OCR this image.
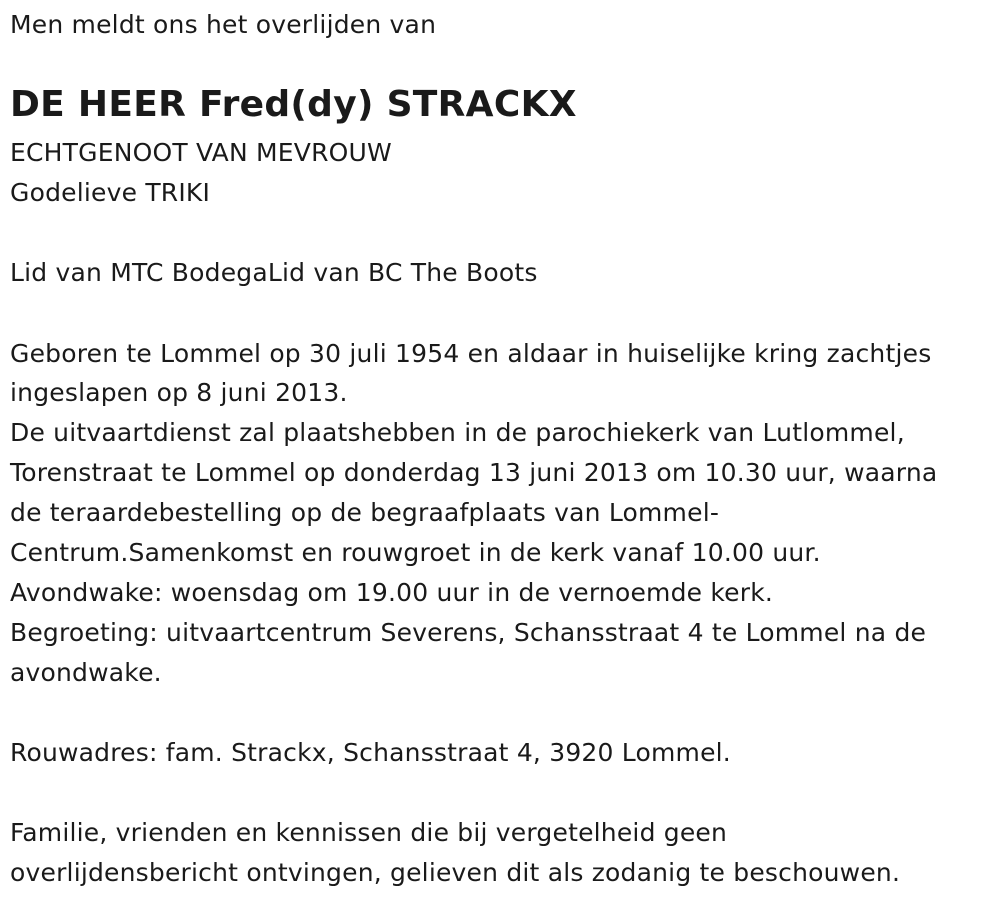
Men meldt ons het overlijden van
DE HEER Fred(dy) STRACKX
ECHTGENOOT VAN MEVROUW
Godelieve TRIKI
Lid van MTC BodegaLid van BC The Boots
Geboren te Lommel op 30 juli 1954 en aldaar in huiselijke kring zachtjes
ingeslapen op 8 juni 2013.
De uitvaartdienst zal plaatshebben in de parochiekerk van Lutlommel,
Torenstraat te Lommel op donderdag 13 juni 2013 om 10.30 uur, waarna
de teraardebestelling op de begraafplaats van Lommel-
Centrum.Samenkomst en rouwgroet in de kerk vanaf 10.00 uur.
Avondwake: woensdag om 19.00 uur in de vernoemde kerk.
Begroeting: uitvaartcentrum Severens, Schansstraat 4 te Lommel na de
avondwake.
Rouwadres: fam. Strackx, Schansstraat 4, 3920 Lommel.
Familie, vrienden en kennissen die bij vergetelheid geen
overlijdensbericht ontvingen, gelieven dit als zodanig te beschouwen.
